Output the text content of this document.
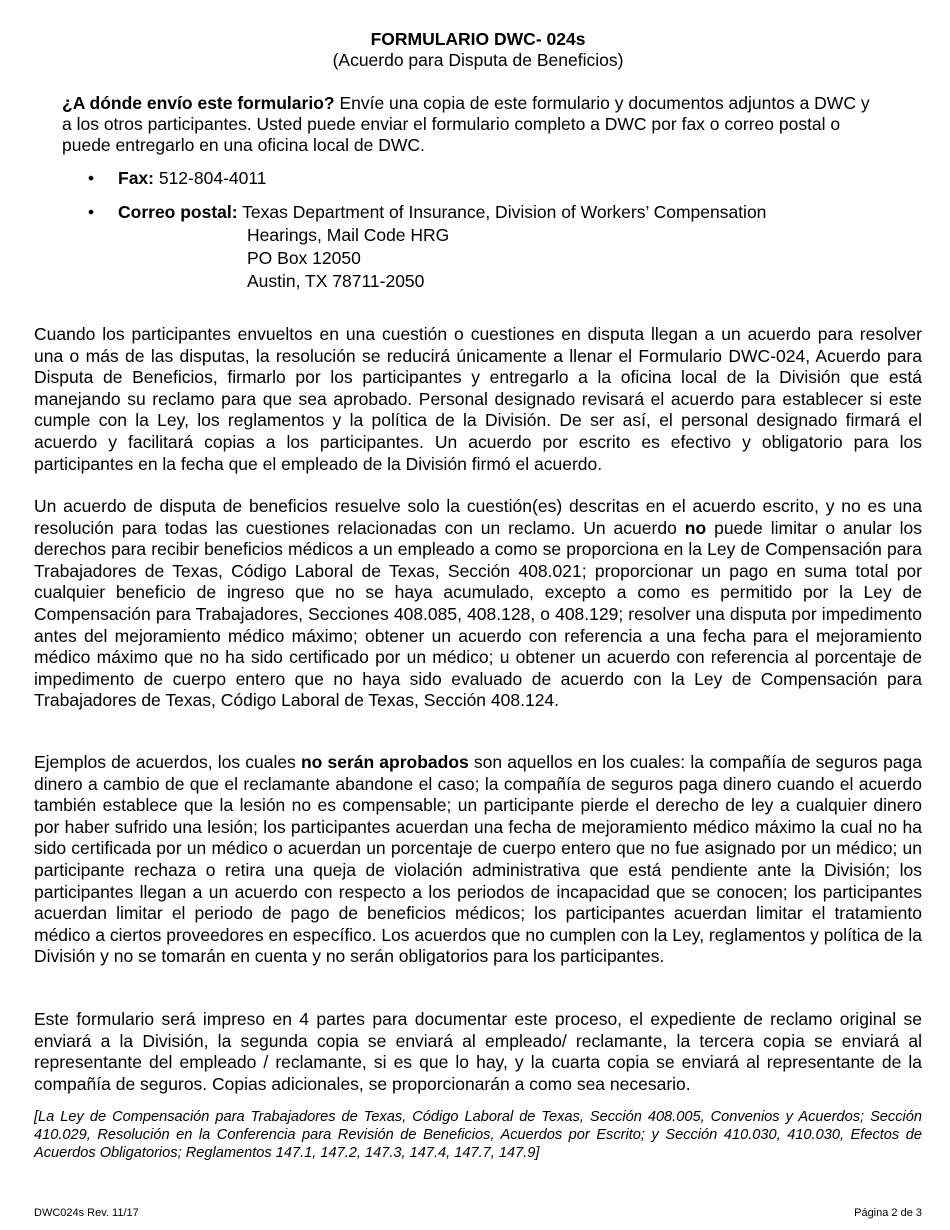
FORMULARIO DWC- 024s
(Acuerdo para Disputa de Beneficios)
¿A dónde envío este formulario? Envíe una copia de este formulario y documentos adjuntos a DWC y a los otros participantes. Usted puede enviar el formulario completo a DWC por fax o correo postal o puede entregarlo en una oficina local de DWC.
• Fax: 512-804-4011
• Correo postal: Texas Department of Insurance, Division of Workers’ Compensation
Hearings, Mail Code HRG
PO Box 12050
Austin, TX 78711-2050
Cuando los participantes envueltos en una cuestión o cuestiones en disputa llegan a un acuerdo para resolver una o más de las disputas, la resolución se reducirá únicamente a llenar el Formulario DWC-024, Acuerdo para Disputa de Beneficios, firmarlo por los participantes y entregarlo a la oficina local de la División que está manejando su reclamo para que sea aprobado. Personal designado revisará el acuerdo para establecer si este cumple con la Ley, los reglamentos y la política de la División. De ser así, el personal designado firmará el acuerdo y facilitará copias a los participantes. Un acuerdo por escrito es efectivo y obligatorio para los participantes en la fecha que el empleado de la División firmó el acuerdo.
Un acuerdo de disputa de beneficios resuelve solo la cuestión(es) descritas en el acuerdo escrito, y no es una resolución para todas las cuestiones relacionadas con un reclamo. Un acuerdo no puede limitar o anular los derechos para recibir beneficios médicos a un empleado a como se proporciona en la Ley de Compensación para Trabajadores de Texas, Código Laboral de Texas, Sección 408.021; proporcionar un pago en suma total por cualquier beneficio de ingreso que no se haya acumulado, excepto a como es permitido por la Ley de Compensación para Trabajadores, Secciones 408.085, 408.128, o 408.129; resolver una disputa por impedimento antes del mejoramiento médico máximo; obtener un acuerdo con referencia a una fecha para el mejoramiento médico máximo que no ha sido certificado por un médico; u obtener un acuerdo con referencia al porcentaje de impedimento de cuerpo entero que no haya sido evaluado de acuerdo con la Ley de Compensación para Trabajadores de Texas, Código Laboral de Texas, Sección 408.124.
Ejemplos de acuerdos, los cuales no serán aprobados son aquellos en los cuales: la compañía de seguros paga dinero a cambio de que el reclamante abandone el caso; la compañía de seguros paga dinero cuando el acuerdo también establece que la lesión no es compensable; un participante pierde el derecho de ley a cualquier dinero por haber sufrido una lesión; los participantes acuerdan una fecha de mejoramiento médico máximo la cual no ha sido certificada por un médico o acuerdan un porcentaje de cuerpo entero que no fue asignado por un médico; un participante rechaza o retira una queja de violación administrativa que está pendiente ante la División; los participantes llegan a un acuerdo con respecto a los periodos de incapacidad que se conocen; los participantes acuerdan limitar el periodo de pago de beneficios médicos; los participantes acuerdan limitar el tratamiento médico a ciertos proveedores en específico. Los acuerdos que no cumplen con la Ley, reglamentos y política de la División y no se tomarán en cuenta y no serán obligatorios para los participantes.
Este formulario será impreso en 4 partes para documentar este proceso, el expediente de reclamo original se enviará a la División, la segunda copia se enviará al empleado/ reclamante, la tercera copia se enviará al representante del empleado / reclamante, si es que lo hay, y la cuarta copia se enviará al representante de la compañía de seguros. Copias adicionales, se proporcionarán a como sea necesario.
[La Ley de Compensación para Trabajadores de Texas, Código Laboral de Texas, Sección 408.005, Convenios y Acuerdos; Sección 410.029, Resolución en la Conferencia para Revisión de Beneficios, Acuerdos por Escrito; y Sección 410.030, 410.030, Efectos de Acuerdos Obligatorios; Reglamentos 147.1, 147.2, 147.3, 147.4, 147.7, 147.9]
DWC024s Rev. 11/17	Página 2 de 3
